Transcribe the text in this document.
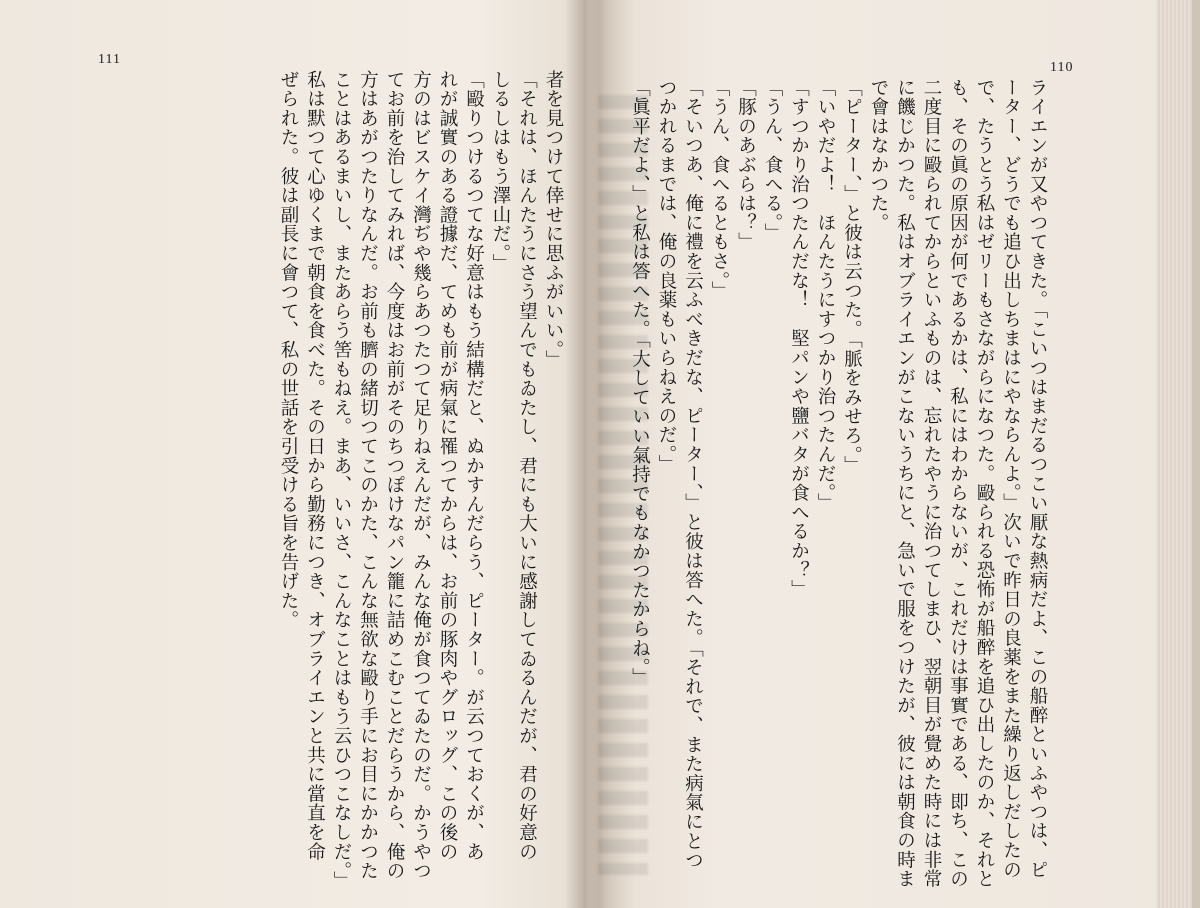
111
110

ライエンが又やつてきた。「こいつはまだるつこい厭な熱病だよ、この船醉といふやつは、ピ

ーター、どうでも追ひ出しちまはにやならんよ。」次いで昨日の良薬をまた繰り返しだしたの

で、たうとう私はゼリーもさながらになつた。毆られる恐怖が船醉を追ひ出したのか、それと

も、その眞の原因が何であるかは、私にはわからないが、これだけは事實である、即ち、この

二度目に毆られてからといふものは、忘れたやうに治つてしまひ、翌朝目が覺めた時には非常

に饑じかつた。私はオブライエンがこないうちにと、急いで服をつけたが、彼には朝食の時ま

で會はなかつた。

「ピーター、」と彼は云つた。「脈をみせろ。」

「いやだよ！　ほんたうにすつかり治つたんだ。」

「すつかり治つたんだな！　堅パンや鹽バタが食へるか？」

「うん、食へる。」

「豚のあぶらは？」

「うん、食へるともさ。」

「そいつあ、俺に禮を云ふべきだな、ピーター、」と彼は答へた。「それで、また病氣にとつ

つかれるまでは、俺の良薬もいらねえのだ。」

「眞平だよ、」と私は答へた。「大していい氣持でもなかつたからね。」

者を見つけて倖せに思ふがいい。」

「それは、ほんたうにさう望んでもゐたし、君にも大いに感謝してゐるんだが、君の好意の

しるしはもう澤山だ。」

「毆りつけるつてな好意はもう結構だと、ぬかすんだらう、ピーター。が云つておくが、あ

れが誠實のある證據だ、てめも前が病氣に罹つてからは、お前の豚肉やグロッグ、この後の

方のはビスケイ灣ぢや幾らあつたつて足りねえんだが、みんな俺が食つてゐたのだ。かうやつ

てお前を治してみれば、今度はお前がそのちつぽけなパン籠に詰めこむことだらうから、俺の

方はあがつたりなんだ。お前も臍の緒切つてこのかた、こんな無欲な毆り手にお目にかかつた

ことはあるまいし、またあらう筈もねえ。まあ、いいさ、こんなことはもう云ひつこなしだ。」

私は默つて心ゆくまで朝食を食べた。その日から勤務につき、オブライエンと共に當直を命

ぜられた。彼は副長に會つて、私の世話を引受ける旨を告げた。
